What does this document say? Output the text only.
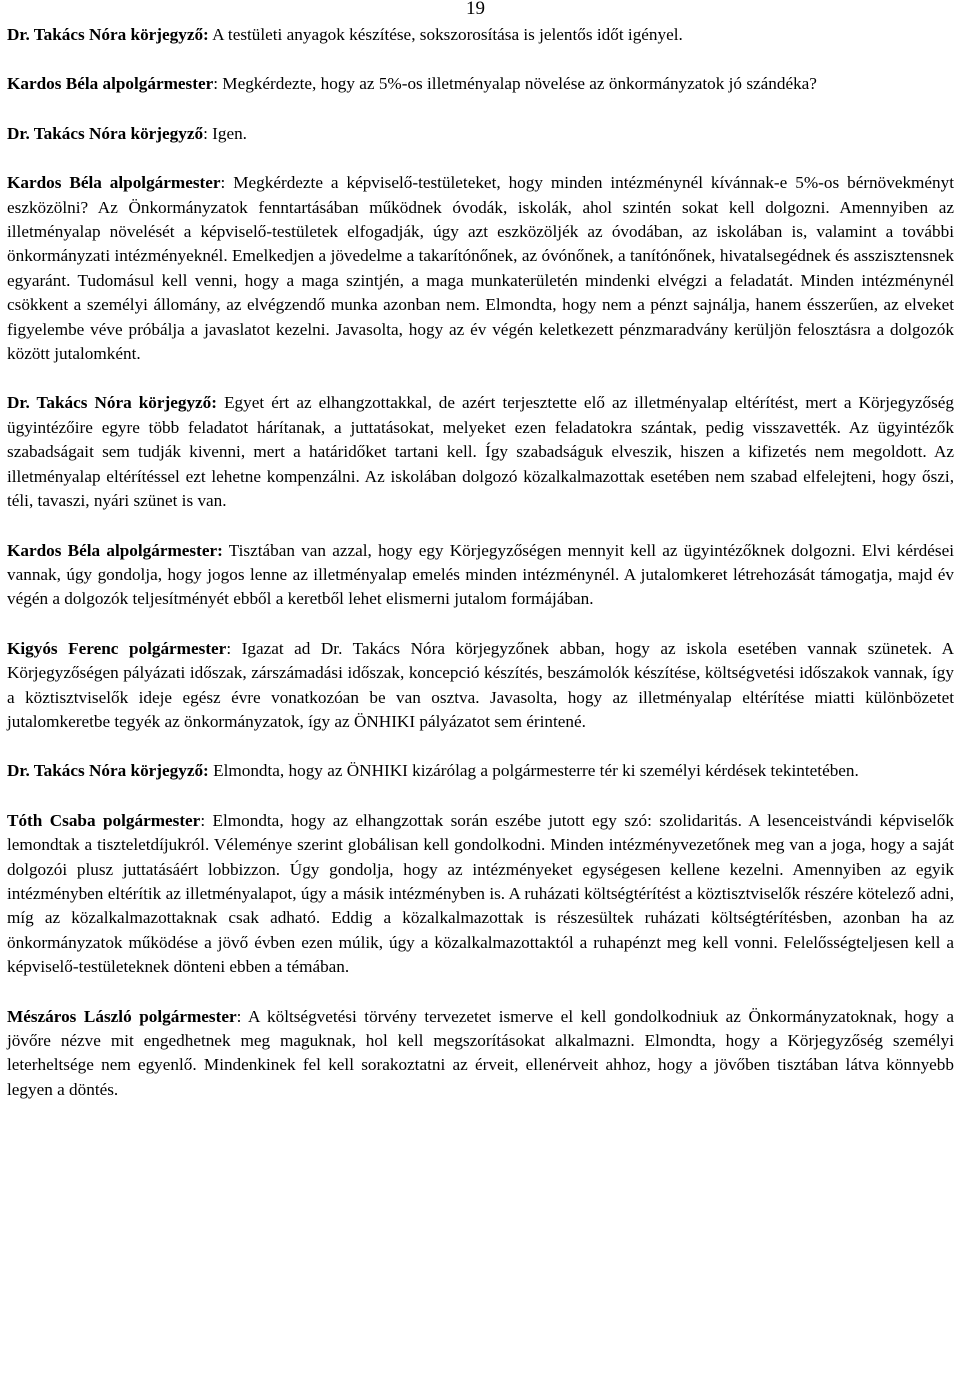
19

Dr. Takács Nóra körjegyző: A testületi anyagok készítése, sokszorosítása is jelentős időt igényel.

Kardos Béla alpolgármester: Megkérdezte, hogy az 5%-os illetményalap növelése az önkormányzatok jó szándéka?

Dr. Takács Nóra körjegyző: Igen.

Kardos Béla alpolgármester: Megkérdezte a képviselő-testületeket, hogy minden intézménynél kívánnak-e 5%-os bérnövekményt eszközölni? Az Önkormányzatok fenntartásában működnek óvodák, iskolák, ahol szintén sokat kell dolgozni. Amennyiben az illetményalap növelését a képviselő-testületek elfogadják, úgy azt eszközöljék az óvodában, az iskolában is, valamint a további önkormányzati intézményeknél. Emelkedjen a jövedelme a takarítónőnek, az óvónőnek, a tanítónőnek, hivatalsegédnek és asszisztensnek egyaránt. Tudomásul kell venni, hogy a maga szintjén, a maga munkaterületén mindenki elvégzi a feladatát. Minden intézménynél csökkent a személyi állomány, az elvégzendő munka azonban nem. Elmondta, hogy nem a pénzt sajnálja, hanem ésszerűen, az elveket figyelembe véve próbálja a javaslatot kezelni. Javasolta, hogy az év végén keletkezett pénzmaradvány kerüljön felosztásra a dolgozók között jutalomként.

Dr. Takács Nóra körjegyző: Egyet ért az elhangzottakkal, de azért terjesztette elő az illetményalap eltérítést, mert a Körjegyzőség ügyintézőire egyre több feladatot hárítanak, a juttatásokat, melyeket ezen feladatokra szántak, pedig visszavették. Az ügyintézők szabadságait sem tudják kivenni, mert a határidőket tartani kell. Így szabadságuk elveszik, hiszen a kifizetés nem megoldott. Az illetményalap eltérítéssel ezt lehetne kompenzálni. Az iskolában dolgozó közalkalmazottak esetében nem szabad elfelejteni, hogy őszi, téli, tavaszi, nyári szünet is van.

Kardos Béla alpolgármester: Tisztában van azzal, hogy egy Körjegyzőségen mennyit kell az ügyintézőknek dolgozni. Elvi kérdései vannak, úgy gondolja, hogy jogos lenne az illetményalap emelés minden intézménynél. A jutalomkeret létrehozását támogatja, majd év végén a dolgozók teljesítményét ebből a keretből lehet elismerni jutalom formájában.

Kigyós Ferenc polgármester: Igazat ad Dr. Takács Nóra körjegyzőnek abban, hogy az iskola esetében vannak szünetek. A Körjegyzőségen pályázati időszak, zárszámadási időszak, koncepció készítés, beszámolók készítése, költségvetési időszakok vannak, így a köztisztviselők ideje egész évre vonatkozóan be van osztva. Javasolta, hogy az illetményalap eltérítése miatti különbözetet jutalomkeretbe tegyék az önkormányzatok, így az ÖNHIKI pályázatot sem érintené.

Dr. Takács Nóra körjegyző: Elmondta, hogy az ÖNHIKI kizárólag a polgármesterre tér ki személyi kérdések tekintetében.

Tóth Csaba polgármester: Elmondta, hogy az elhangzottak során eszébe jutott egy szó: szolidaritás. A lesenceistvándi képviselők lemondtak a tiszteletdíjukról. Véleménye szerint globálisan kell gondolkodni. Minden intézményvezetőnek meg van a joga, hogy a saját dolgozói plusz juttatásáért lobbizzon. Úgy gondolja, hogy az intézményeket egységesen kellene kezelni. Amennyiben az egyik intézményben eltérítik az illetményalapot, úgy a másik intézményben is. A ruházati költségtérítést a köztisztviselők részére kötelező adni, míg az közalkalmazottaknak csak adható. Eddig a közalkalmazottak is részesültek ruházati költségtérítésben, azonban ha az önkormányzatok működése a jövő évben ezen múlik, úgy a közalkalmazottaktól a ruhapénzt meg kell vonni. Felelősségteljesen kell a képviselő-testületeknek dönteni ebben a témában.

Mészáros László polgármester: A költségvetési törvény tervezetet ismerve el kell gondolkodniuk az Önkormányzatoknak, hogy a jövőre nézve mit engedhetnek meg maguknak, hol kell megszorításokat alkalmazni. Elmondta, hogy a Körjegyzőség személyi leterheltsége nem egyenlő. Mindenkinek fel kell sorakoztatni az érveit, ellenérveit ahhoz, hogy a jövőben tisztában látva könnyebb legyen a döntés.
